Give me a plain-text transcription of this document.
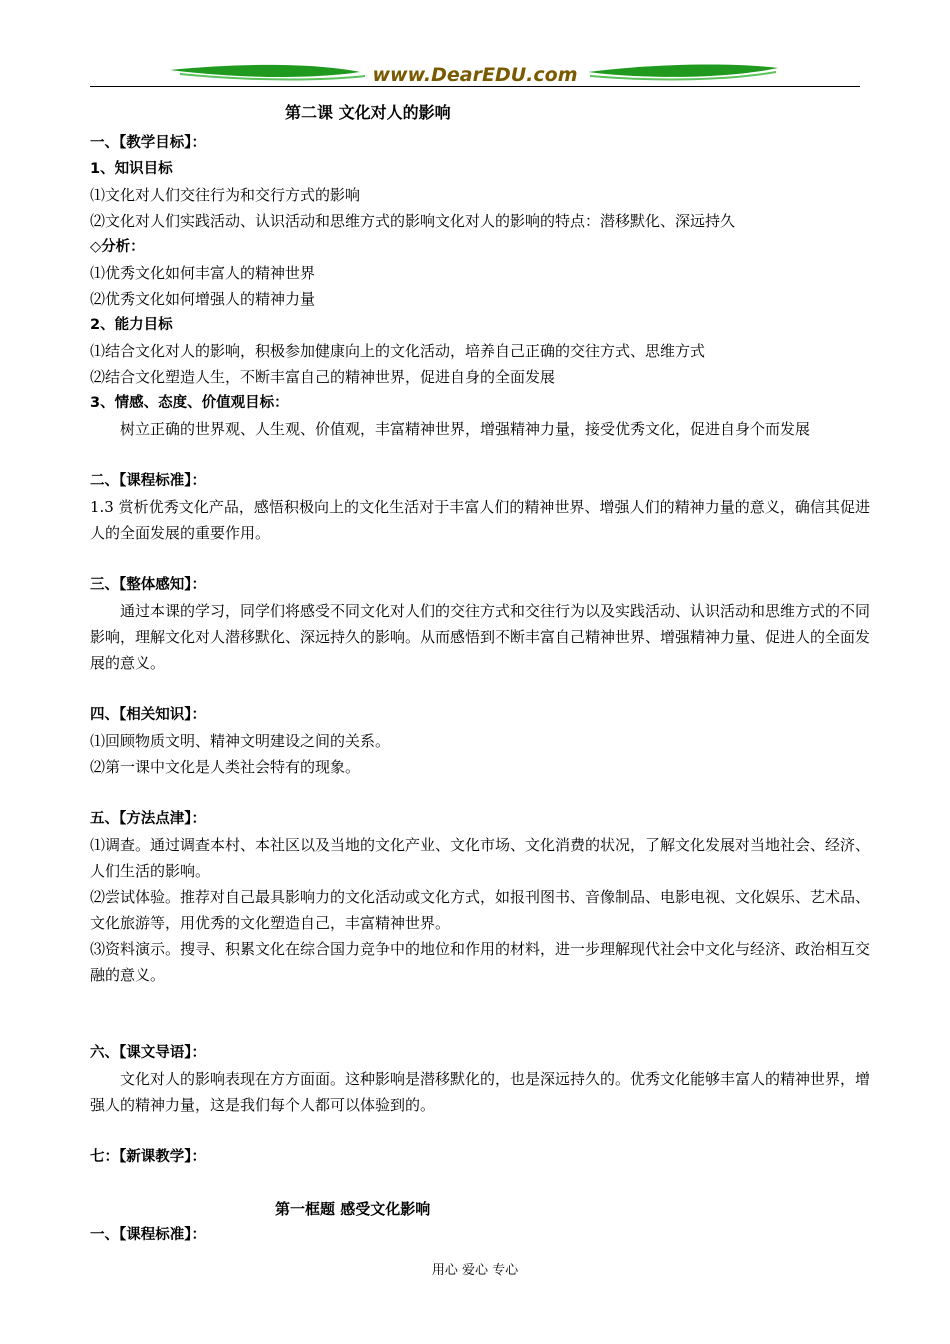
www.DearEDU.com

第二课 文化对人的影响

一、【教学目标】：

1、知识目标

⑴文化对人们交往行为和交行方式的影响

⑵文化对人们实践活动、认识活动和思维方式的影响文化对人的影响的特点：潜移默化、深远持久

◇分析：

⑴优秀文化如何丰富人的精神世界

⑵优秀文化如何增强人的精神力量

2、能力目标

⑴结合文化对人的影响，积极参加健康向上的文化活动，培养自己正确的交往方式、思维方式

⑵结合文化塑造人生，不断丰富自己的精神世界，促进自身的全面发展

3、情感、态度、价值观目标：

树立正确的世界观、人生观、价值观，丰富精神世界，增强精神力量，接受优秀文化，促进自身个而发展

二、【课程标准】：

1.3 赏析优秀文化产品，感悟积极向上的文化生活对于丰富人们的精神世界、增强人们的精神力量的意义，确信其促进人的全面发展的重要作用。

三、【整体感知】：

通过本课的学习，同学们将感受不同文化对人们的交往方式和交往行为以及实践活动、认识活动和思维方式的不同影响，理解文化对人潜移默化、深远持久的影响。从而感悟到不断丰富自己精神世界、增强精神力量、促进人的全面发展的意义。

四、【相关知识】：

⑴回顾物质文明、精神文明建设之间的关系。

⑵第一课中文化是人类社会特有的现象。

五、【方法点津】：

⑴调查。通过调查本村、本社区以及当地的文化产业、文化市场、文化消费的状况，了解文化发展对当地社会、经济、人们生活的影响。

⑵尝试体验。推荐对自己最具影响力的文化活动或文化方式，如报刊图书、音像制品、电影电视、文化娱乐、艺术品、文化旅游等，用优秀的文化塑造自己，丰富精神世界。

⑶资料演示。搜寻、积累文化在综合国力竞争中的地位和作用的材料，进一步理解现代社会中文化与经济、政治相互交融的意义。

六、【课文导语】：

文化对人的影响表现在方方面面。这种影响是潜移默化的，也是深远持久的。优秀文化能够丰富人的精神世界，增强人的精神力量，这是我们每个人都可以体验到的。

七：【新课教学】：

第一框题 感受文化影响

一、【课程标准】：

用心 爱心 专心
